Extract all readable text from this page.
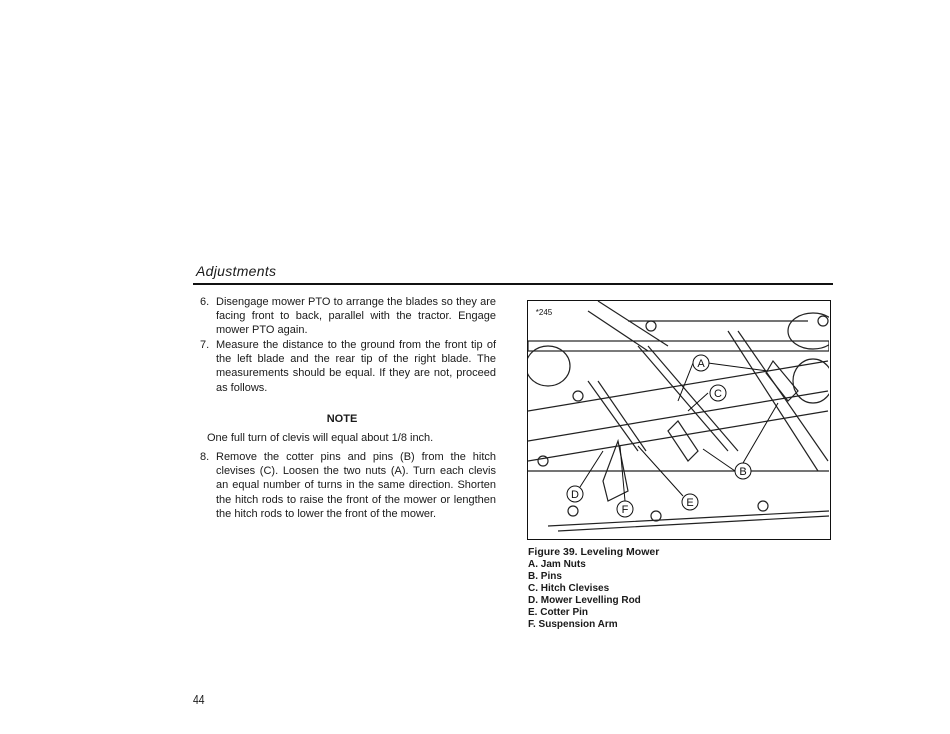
Adjustments
6. Disengage mower PTO to arrange the blades so they are facing front to back, parallel with the tractor. Engage mower PTO again.
7. Measure the distance to the ground from the front tip of the left blade and the rear tip of the right blade. The measurements should be equal. If they are not, proceed as follows.
NOTE
One full turn of clevis will equal about 1/8 inch.
8. Remove the cotter pins and pins (B) from the hitch clevises (C). Loosen the two nuts (A). Turn each clevis an equal number of turns in the same direction. Shorten the hitch rods to raise the front of the mower or lengthen the hitch rods to lower the front of the mower.
A
C
B
D
F
E
*245
Figure 39. Leveling Mower
A. Jam Nuts
B. Pins
C. Hitch Clevises
D. Mower Levelling Rod
E. Cotter Pin
F. Suspension Arm
44
